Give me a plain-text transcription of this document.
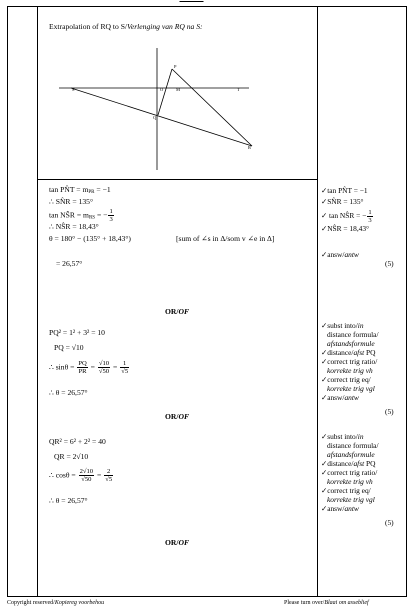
Extrapolation of RQ to S/Verlenging van RQ na S:
P
Q
R
S	T
M
O
tan PN̂T = $m_{PR} = -1$
∴ SN̂R = 135°
tan NŜR = $m_{RS}$ = − $\frac{1}{3}$
∴ NŜR = 18,43°
θ = 180° − (135° + 18,43°)	[sum of ∠s in Δ/som v ∠e in Δ]
= 26,57°
✓tan PN̂T = −1
✓SN̂R = 135°
✓ tan NŜR = − $\frac{1}{3}$
✓NŜR = 18,43°
✓answ/antw
(5)
OR/OF
PQ² = 1² + 3² = 10
PQ = √10
∴ $\sin\theta = \frac{PQ}{PR} = \frac{√10}{√50} = \frac{1}{√5}$
∴ θ = 26,57°
✓subst into/in
distance formula/
afstandsformule
✓distance/afst PQ
✓correct trig ratio/
korrekte trig vh
✓correct trig eq/
korrekte trig vgl
✓answ/antw
(5)
OR/OF
QR² = 6² + 2² = 40
QR = 2√10
∴ $\cos\theta = \frac{2√10}{√50} = \frac{2}{√5}$
∴ θ = 26,57°
✓subst into/in
distance formula/
afstandsformule
✓distance/afst PQ
✓correct trig ratio/
korrekte trig vh
✓correct trig eq/
korrekte trig vgl
✓answ/antw
(5)
OR/OF
Copyright reserved/Kopiereg voorbehou	Please turn over/Blaai om asseblief
